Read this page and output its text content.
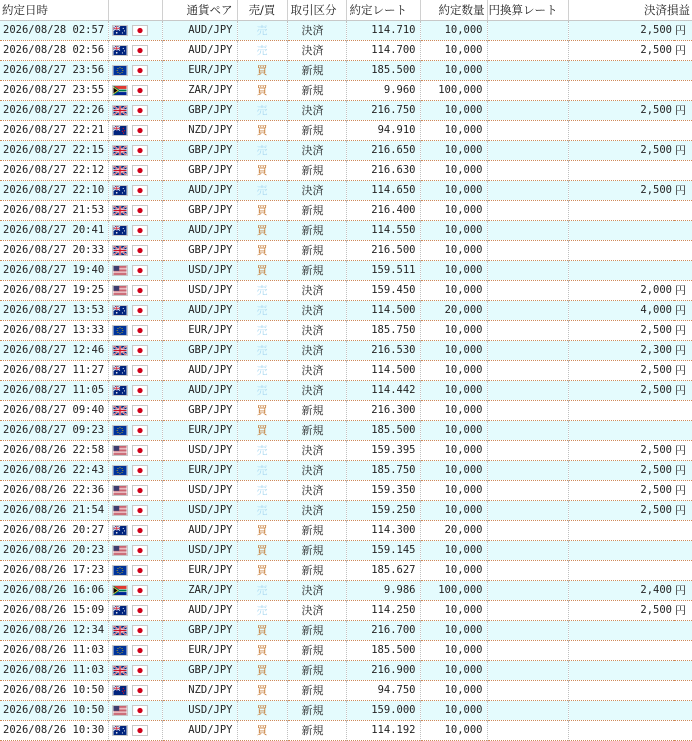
約定日時		通貨ペア	売/買	取引区分	約定レート	約定数量	円換算レート	決済損益	
2026/08/28 02:57		AUD/JPY	売	決済	114.710	10,000		2,500	円
2026/08/28 02:56		AUD/JPY	売	決済	114.700	10,000		2,500	円
2026/08/27 23:56		EUR/JPY	買	新規	185.500	10,000			
2026/08/27 23:55		ZAR/JPY	買	新規	9.960	100,000			
2026/08/27 22:26		GBP/JPY	売	決済	216.750	10,000		2,500	円
2026/08/27 22:21		NZD/JPY	買	新規	94.910	10,000			
2026/08/27 22:15		GBP/JPY	売	決済	216.650	10,000		2,500	円
2026/08/27 22:12		GBP/JPY	買	新規	216.630	10,000			
2026/08/27 22:10		AUD/JPY	売	決済	114.650	10,000		2,500	円
2026/08/27 21:53		GBP/JPY	買	新規	216.400	10,000			
2026/08/27 20:41		AUD/JPY	買	新規	114.550	10,000			
2026/08/27 20:33		GBP/JPY	買	新規	216.500	10,000			
2026/08/27 19:40		USD/JPY	買	新規	159.511	10,000			
2026/08/27 19:25		USD/JPY	売	決済	159.450	10,000		2,000	円
2026/08/27 13:53		AUD/JPY	売	決済	114.500	20,000		4,000	円
2026/08/27 13:33		EUR/JPY	売	決済	185.750	10,000		2,500	円
2026/08/27 12:46		GBP/JPY	売	決済	216.530	10,000		2,300	円
2026/08/27 11:27		AUD/JPY	売	決済	114.500	10,000		2,500	円
2026/08/27 11:05		AUD/JPY	売	決済	114.442	10,000		2,500	円
2026/08/27 09:40		GBP/JPY	買	新規	216.300	10,000			
2026/08/27 09:23		EUR/JPY	買	新規	185.500	10,000			
2026/08/26 22:58		USD/JPY	売	決済	159.395	10,000		2,500	円
2026/08/26 22:43		EUR/JPY	売	決済	185.750	10,000		2,500	円
2026/08/26 22:36		USD/JPY	売	決済	159.350	10,000		2,500	円
2026/08/26 21:54		USD/JPY	売	決済	159.250	10,000		2,500	円
2026/08/26 20:27		AUD/JPY	買	新規	114.300	20,000			
2026/08/26 20:23		USD/JPY	買	新規	159.145	10,000			
2026/08/26 17:23		EUR/JPY	買	新規	185.627	10,000			
2026/08/26 16:06		ZAR/JPY	売	決済	9.986	100,000		2,400	円
2026/08/26 15:09		AUD/JPY	売	決済	114.250	10,000		2,500	円
2026/08/26 12:34		GBP/JPY	買	新規	216.700	10,000			
2026/08/26 11:03		EUR/JPY	買	新規	185.500	10,000			
2026/08/26 11:03		GBP/JPY	買	新規	216.900	10,000			
2026/08/26 10:50		NZD/JPY	買	新規	94.750	10,000			
2026/08/26 10:50		USD/JPY	買	新規	159.000	10,000			
2026/08/26 10:30		AUD/JPY	買	新規	114.192	10,000			
